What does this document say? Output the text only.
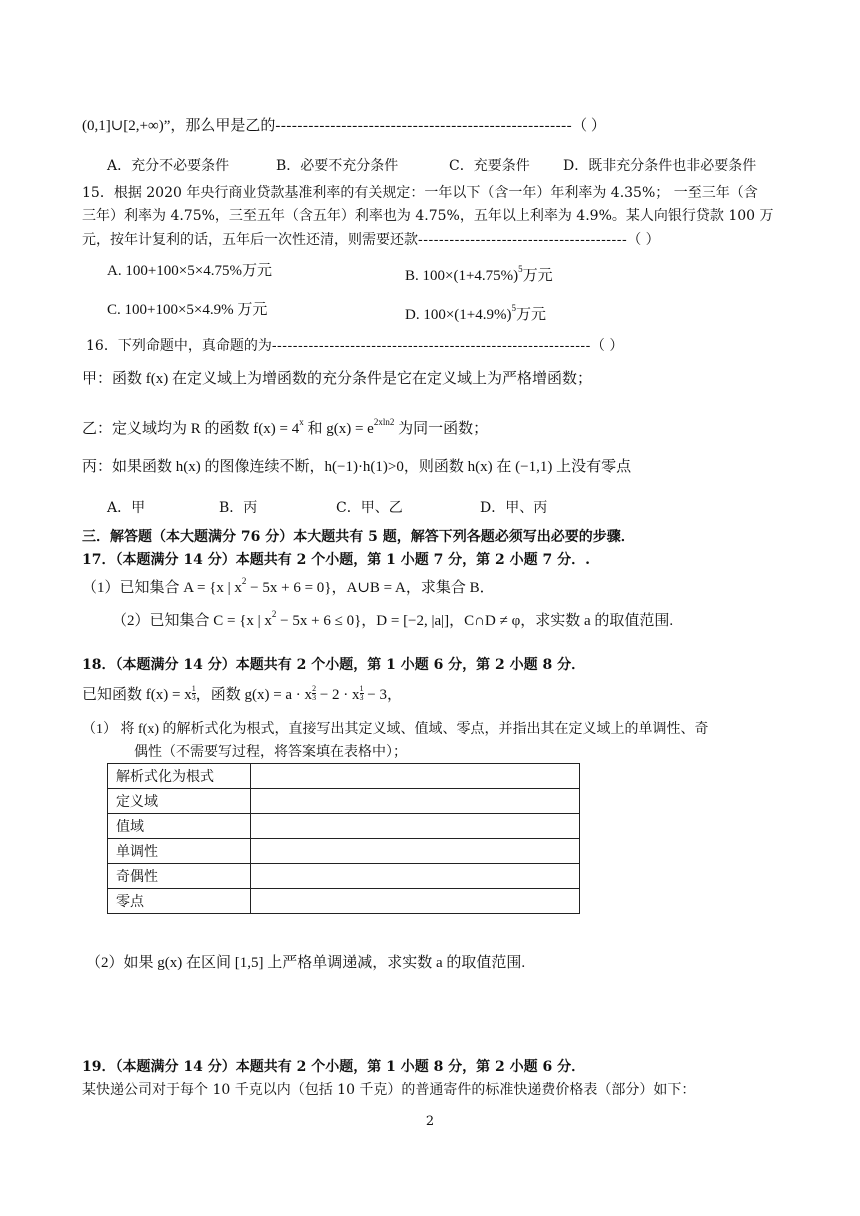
(0,1]∪[2,+∞)”，那么甲是乙的------------------------------------------------------（ ）
A．充分不必要条件	B．必要不充分条件	C．充要条件 D．既非充分条件也非必要条件
15．根据 2020 年央行商业贷款基准利率的有关规定：一年以下（含一年）年利率为 4.35%； 一至三年（含
三年）利率为 4.75%，三至五年（含五年）利率也为 4.75%，五年以上利率为 4.9%。某人向银行贷款 100 万
元，按年计复利的话，五年后一次性还清，则需要还款----------------------------------------（ ）
A. 100+100×5×4.75%万元	B. $100\times(1+4.75\%)^5$万元
C. 100+100×5×4.9% 万元	D. $100\times(1+4.9\%)^5$万元
16．下列命题中，真命题的为-------------------------------------------------------------（ ）
甲：函数 f(x) 在定义域上为增函数的充分条件是它在定义域上为严格增函数；
乙：定义域均为 R 的函数 $f(x) = 4^x$ 和 $g(x) = e^{2xln2}$ 为同一函数；
丙：如果函数 h(x) 的图像连续不断，h(−1)·h(1)>0，则函数 h(x) 在 (−1,1) 上没有零点
A．甲	B．丙	C．甲、乙	D．甲、丙
三．解答题（本大题满分 76 分）本大题共有 5 题，解答下列各题必须写出必要的步骤．
17．（本题满分 14 分）本题共有 2 个小题，第 1 小题 7 分，第 2 小题 7 分．.
（1）已知集合 A = {x | $x^2 - 5x + 6 = 0$}，A∪B = A，求集合 B．
（2）已知集合 C = {x | $x^2 - 5x + 6 \le 0$}，D = [−2, |a|]，C∩D ≠ φ，求实数 a 的取值范围.
18．（本题满分 14 分）本题共有 2 个小题，第 1 小题 6 分，第 2 小题 8 分．
已知函数 f(x) = x $\frac{1}{3}$ ，函数 g(x) = a · x $\frac{2}{3} - 2 \cdot x \frac{1}{3} - 3$，
（1） 将 f(x) 的解析式化为根式，直接写出其定义域、值域、零点，并指出其在定义域上的单调性、奇
偶性（不需要写过程，将答案填在表格中）；
解析式化为根式	
定义域	
值域	
单调性	
奇偶性	
零点	
（2）如果 g(x) 在区间 [1,5] 上严格单调递减，求实数 a 的取值范围.
19．（本题满分 14 分）本题共有 2 个小题，第 1 小题 8 分，第 2 小题 6 分．
某快递公司对于每个 10 千克以内（包括 10 千克）的普通寄件的标准快递费价格表（部分）如下：
2
